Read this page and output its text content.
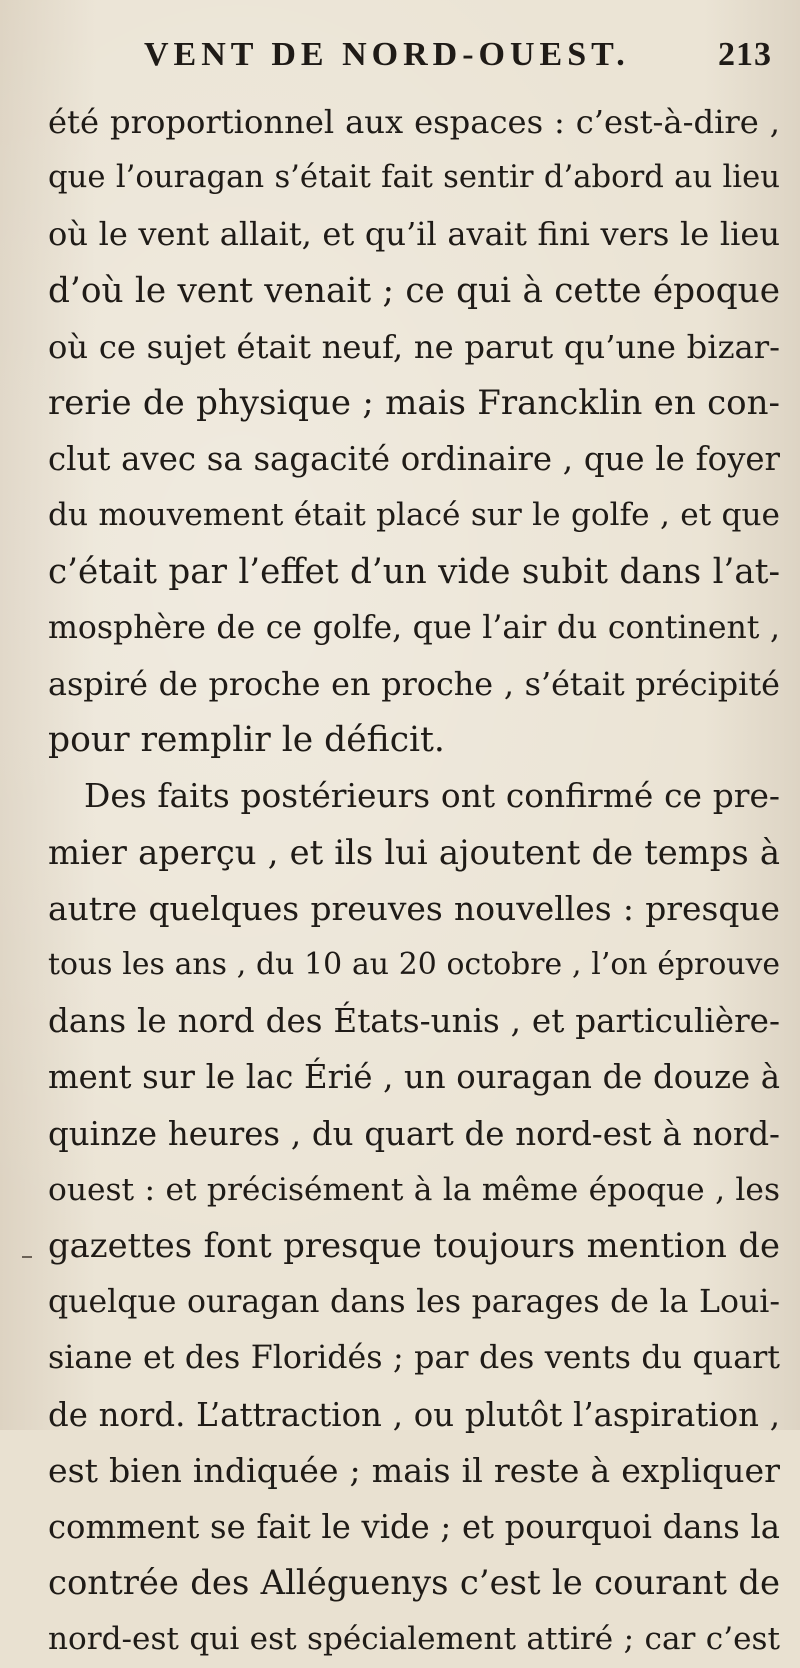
VENT DE NORD-OUEST.	213
été proportionnel aux espaces : c’est-à-dire ,
que l’ouragan s’était fait sentir d’abord au lieu
où le vent allait, et qu’il avait fini vers le lieu
d’où le vent venait ; ce qui à cette époque
où ce sujet était neuf, ne parut qu’une bizar-
rerie de physique ; mais Francklin en con-
clut avec sa sagacité ordinaire , que le foyer
du mouvement était placé sur le golfe , et que
c’était par l’effet d’un vide subit dans l’at-
mosphère de ce golfe, que l’air du continent ,
aspiré de proche en proche , s’était précipité
pour remplir le déficit.
Des faits postérieurs ont confirmé ce pre-
mier aperçu , et ils lui ajoutent de temps à
autre quelques preuves nouvelles : presque
tous les ans , du 10 au 20 octobre , l’on éprouve
dans le nord des États-unis , et particulière-
ment sur le lac Érié , un ouragan de douze à
quinze heures , du quart de nord-est à nord-
ouest : et précisément à la même époque , les
gazettes font presque toujours mention de
quelque ouragan dans les parages de la Loui-
siane et des Floridés ; par des vents du quart
de nord. L’attraction , ou plutôt l’aspiration ,
est bien indiquée ; mais il reste à expliquer
comment se fait le vide ; et pourquoi dans la
contrée des Alléguenys c’est le courant de
nord-est qui est spécialement attiré ; car c’est
